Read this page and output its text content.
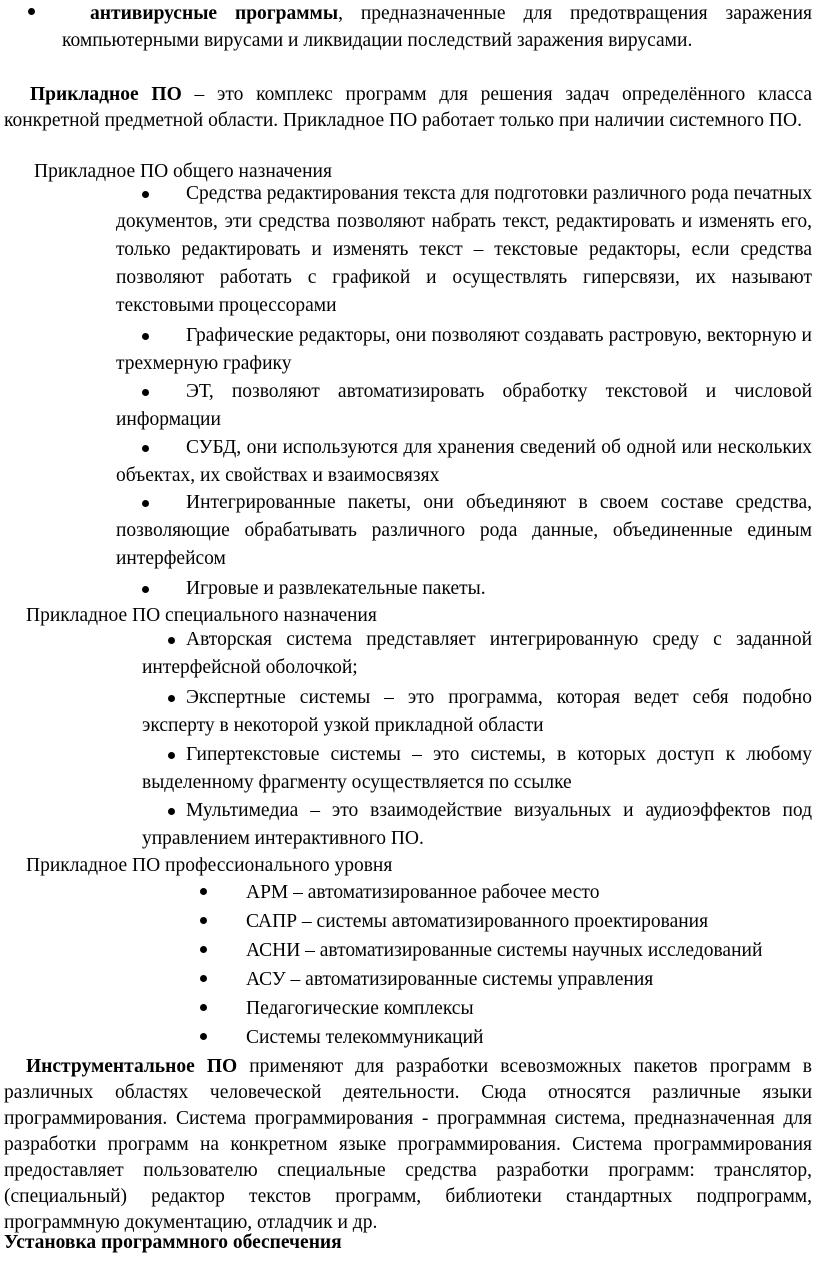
антивирусные программы, предназначенные для предотвращения заражения компьютерными вирусами и ликвидации последствий заражения вирусами.

Прикладное ПО – это комплекс программ для решения задач определённого класса конкретной предметной области. Прикладное ПО работает только при наличии системного ПО.

Прикладное ПО общего назначения

Средства редактирования текста для подготовки различного рода печатных документов, эти средства позволяют набрать текст, редактировать и изменять его, только редактировать и изменять текст – текстовые редакторы, если средства позволяют работать с графикой и осуществлять гиперсвязи, их называют текстовыми процессорами

Графические редакторы, они позволяют создавать растровую, векторную и трехмерную графику

ЭТ, позволяют автоматизировать обработку текстовой и числовой информации

СУБД, они используются для хранения сведений об одной или нескольких объектах, их свойствах и взаимосвязях

Интегрированные пакеты, они объединяют в своем составе средства, позволяющие обрабатывать различного рода данные, объединенные единым интерфейсом

Игровые и развлекательные пакеты.

Прикладное ПО специального назначения

Авторская система представляет интегрированную среду с заданной интерфейсной оболочкой;

Экспертные системы – это программа, которая ведет себя подобно эксперту в некоторой узкой прикладной области

Гипертекстовые системы – это системы, в которых доступ к любому выделенному фрагменту осуществляется по ссылке

Мультимедиа – это взаимодействие визуальных и аудиоэффектов под управлением интерактивного ПО.

Прикладное ПО профессионального уровня

АРМ – автоматизированное рабочее место

САПР – системы автоматизированного проектирования

АСНИ – автоматизированные системы научных исследований

АСУ – автоматизированные системы управления

Педагогические комплексы

Системы телекоммуникаций

Инструментальное ПО применяют для разработки всевозможных пакетов программ в различных областях человеческой деятельности. Сюда относятся различные языки программирования. Система программирования - программная система, предназначенная для разработки программ на конкретном языке программирования. Система программирования предоставляет пользователю специальные средства разработки программ: транслятор, (специальный) редактор текстов программ, библиотеки стандартных подпрограмм, программную документацию, отладчик и др.

Установка программного обеспечения
